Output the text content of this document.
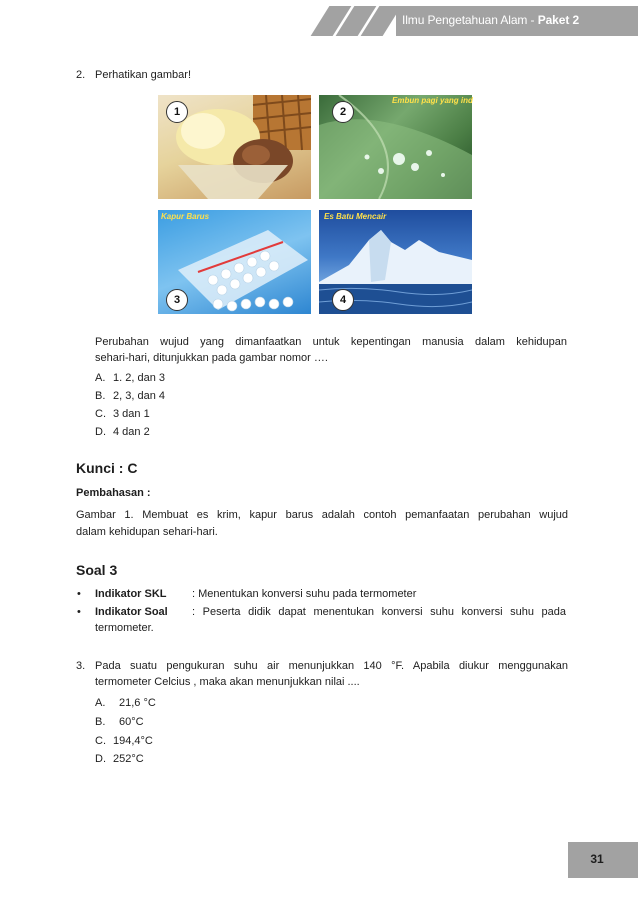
Ilmu Pengetahuan Alam - Paket 2
2. Perhatikan gambar!
1
Embun pagi yang ind
2
Kapur Barus
3
Es Batu Mencair
4
Perubahan wujud yang dimanfaatkan untuk kepentingan manusia dalam kehidupan
sehari-hari, ditunjukkan pada gambar nomor ….
A. 1. 2, dan 3
B. 2, 3, dan 4
C. 3 dan 1
D. 4 dan 2
Kunci : C
Pembahasan :
Gambar 1. Membuat es krim, kapur barus adalah contoh pemanfaatan perubahan wujud
dalam kehidupan sehari-hari.
Soal 3
• Indikator SKL : Menentukan konversi suhu pada termometer
• Indikator Soal : Peserta didik dapat menentukan konversi suhu konversi suhu pada
termometer.
3. Pada suatu pengukuran suhu air menunjukkan 140 °F. Apabila diukur menggunakan
termometer Celcius , maka akan menunjukkan nilai ....
A. 21,6 °C
B. 60°C
C. 194,4°C
D. 252°C
31
